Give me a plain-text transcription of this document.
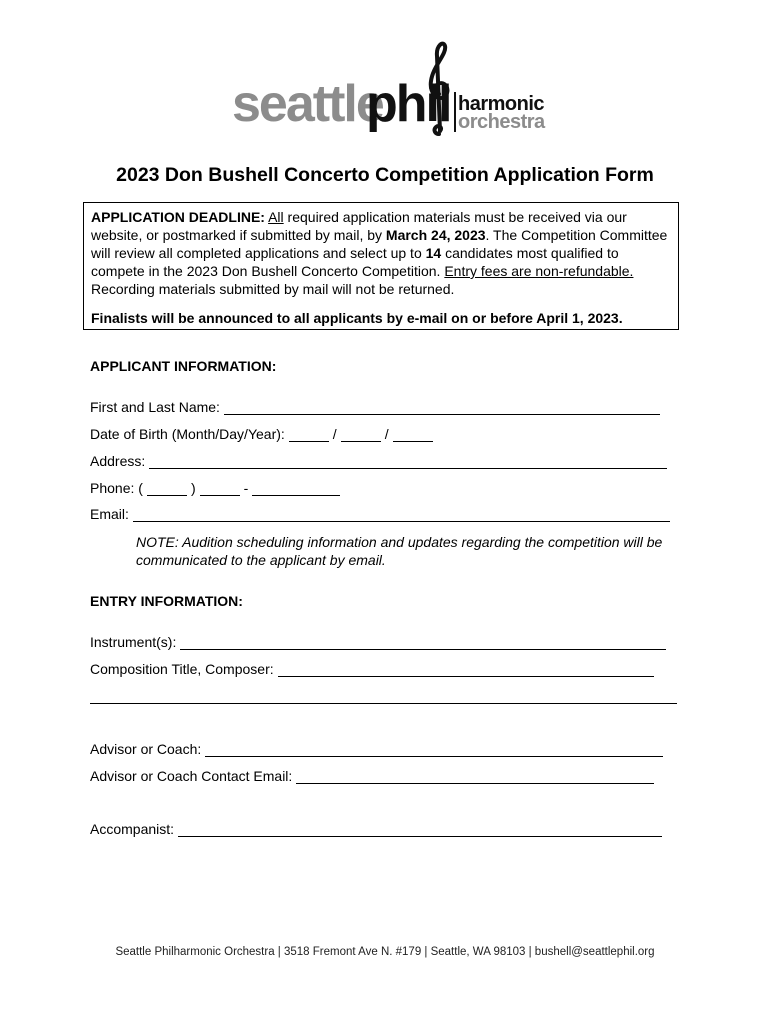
seattle
phil harmonic
orchestra
2023 Don Bushell Concerto Competition Application Form

APPLICATION DEADLINE: All required application materials must be received via our website, or postmarked if submitted by mail, by March 24, 2023. The Competition Committee will review all completed applications and select up to 14 candidates most qualified to compete in the 2023 Don Bushell Concerto Competition. Entry fees are non-refundable. Recording materials submitted by mail will not be returned.

Finalists will be announced to all applicants by e-mail on or before April 1, 2023.

APPLICANT INFORMATION:
First and Last Name:
Date of Birth (Month/Day/Year):	/	/
Address:
Phone: (	)	-
Email:
NOTE: Audition scheduling information and updates regarding the competition will be communicated to the applicant by email.
ENTRY INFORMATION:
Instrument(s):
Composition Title, Composer:
Advisor or Coach:
Advisor or Coach Contact Email:
Accompanist:
Seattle Philharmonic Orchestra | 3518 Fremont Ave N. #179 | Seattle, WA 98103 | bushell@seattlephil.org
